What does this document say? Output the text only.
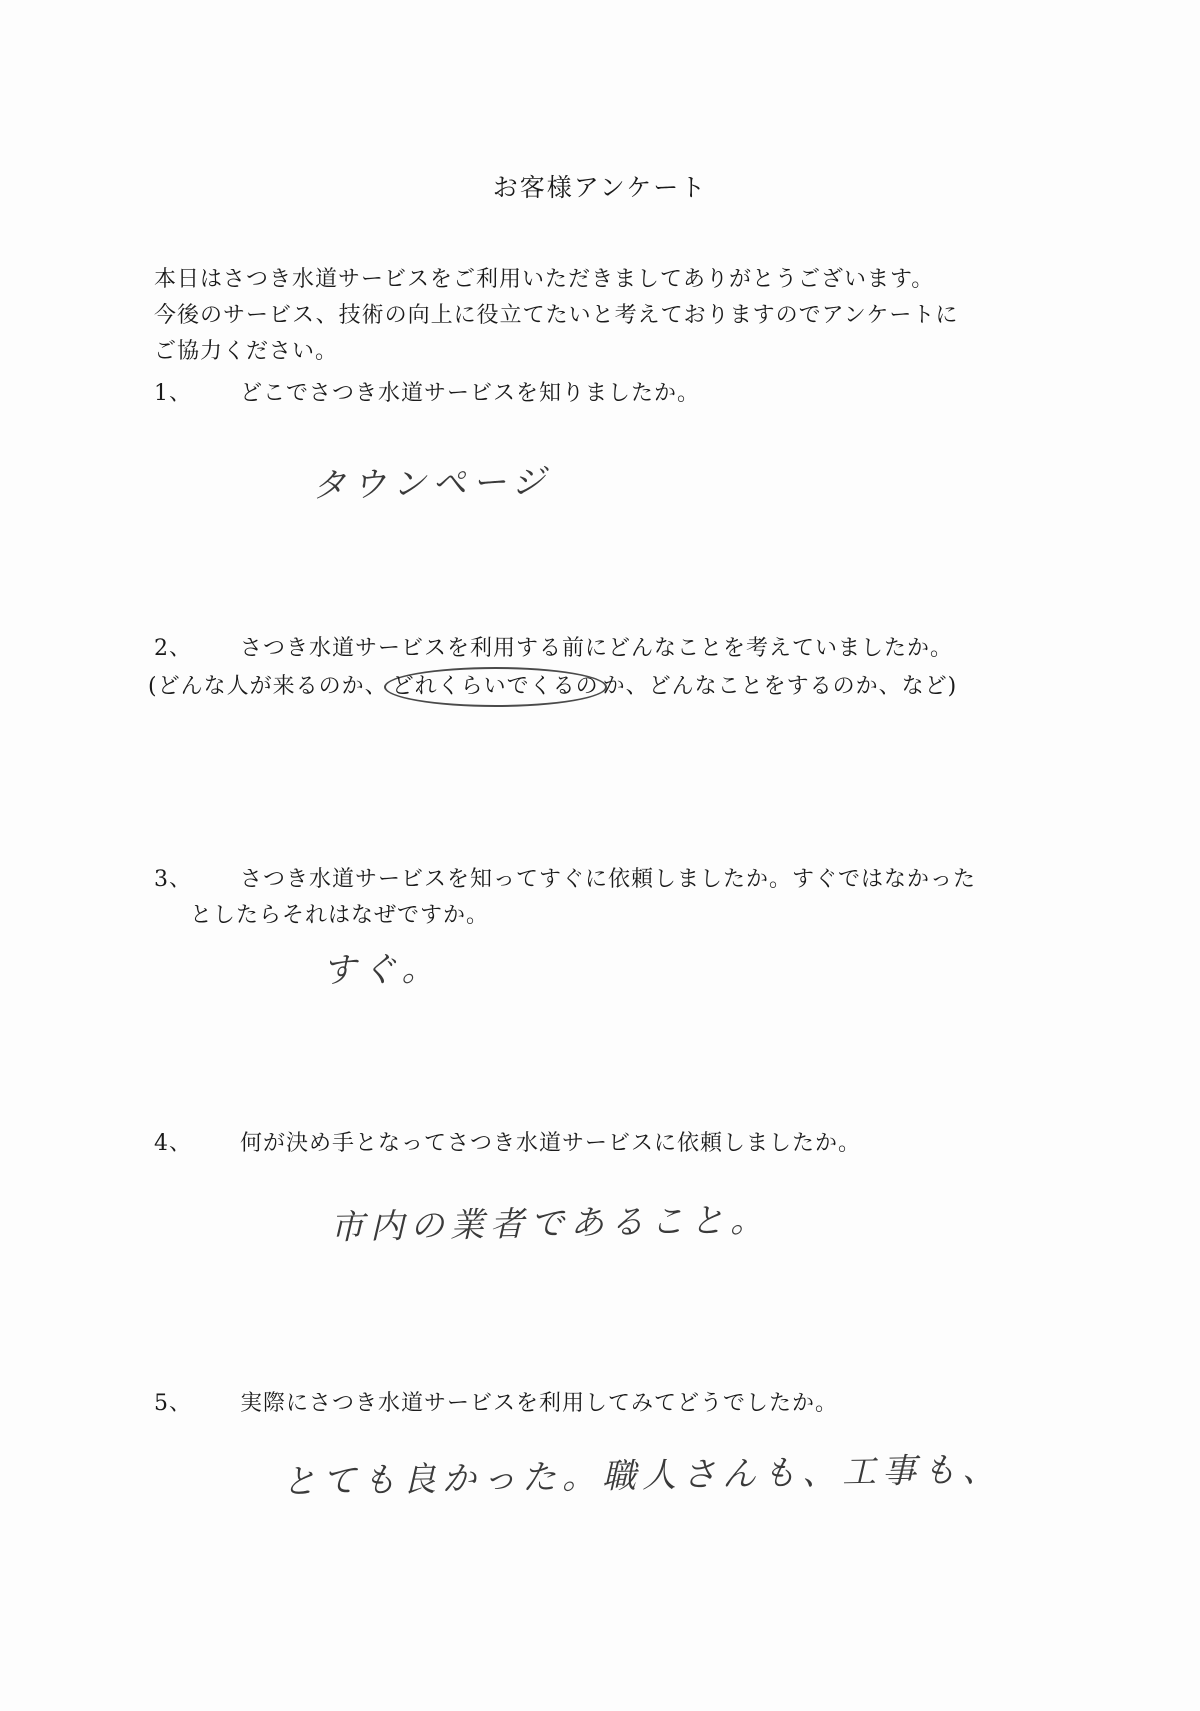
お客様アンケート
本日はさつき水道サービスをご利用いただきましてありがとうございます。
今後のサービス、技術の向上に役立てたいと考えておりますのでアンケートに
ご協力ください。
1、 どこでさつき水道サービスを知りましたか。
タウンページ
2、 さつき水道サービスを利用する前にどんなことを考えていましたか。
(どんな人が来るのか、 どれくらいでくるの か、どんなことをするのか、など)
3、 さつき水道サービスを知ってすぐに依頼しましたか。すぐではなかった
としたらそれはなぜですか。
すぐ。
4、 何が決め手となってさつき水道サービスに依頼しましたか。
市内の業者であること。
5、 実際にさつき水道サービスを利用してみてどうでしたか。
とても良かった。職人さんも、工事も、
